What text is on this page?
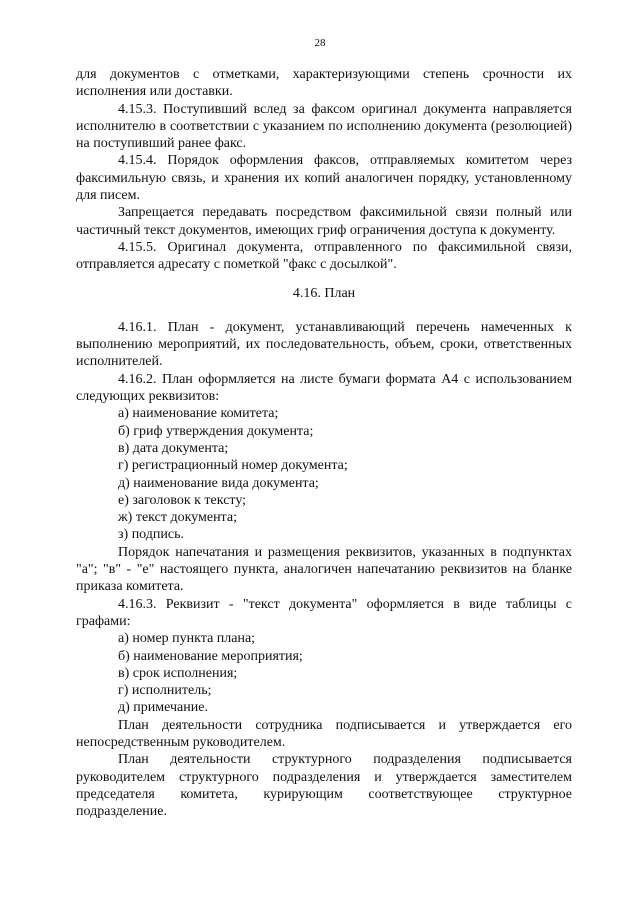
28

для документов с отметками, характеризующими степень срочности их исполнения или доставки.

4.15.3. Поступивший вслед за факсом оригинал документа направляется исполнителю в соответствии с указанием по исполнению документа (резолюцией) на поступивший ранее факс.

4.15.4. Порядок оформления факсов, отправляемых комитетом через факсимильную связь, и хранения их копий аналогичен порядку, установленному для писем.

Запрещается передавать посредством факсимильной связи полный или частичный текст документов, имеющих гриф ограничения доступа к документу.

4.15.5. Оригинал документа, отправленного по факсимильной связи, отправляется адресату с пометкой "факс с досылкой".

4.16. План

4.16.1. План - документ, устанавливающий перечень намеченных к выполнению мероприятий, их последовательность, объем, сроки, ответственных исполнителей.

4.16.2. План оформляется на листе бумаги формата А4 с использованием следующих реквизитов:

а) наименование комитета;

б) гриф утверждения документа;

в) дата документа;

г) регистрационный номер документа;

д) наименование вида документа;

е) заголовок к тексту;

ж) текст документа;

з) подпись.

Порядок напечатания и размещения реквизитов, указанных в подпунктах "а"; "в" - "е" настоящего пункта, аналогичен напечатанию реквизитов на бланке приказа комитета.

4.16.3. Реквизит - "текст документа" оформляется в виде таблицы с графами:

а) номер пункта плана;

б) наименование мероприятия;

в) срок исполнения;

г) исполнитель;

д) примечание.

План деятельности сотрудника подписывается и утверждается его непосредственным руководителем.

План деятельности структурного подразделения подписывается руководителем структурного подразделения и утверждается заместителем председателя комитета, курирующим соответствующее структурное подразделение.
